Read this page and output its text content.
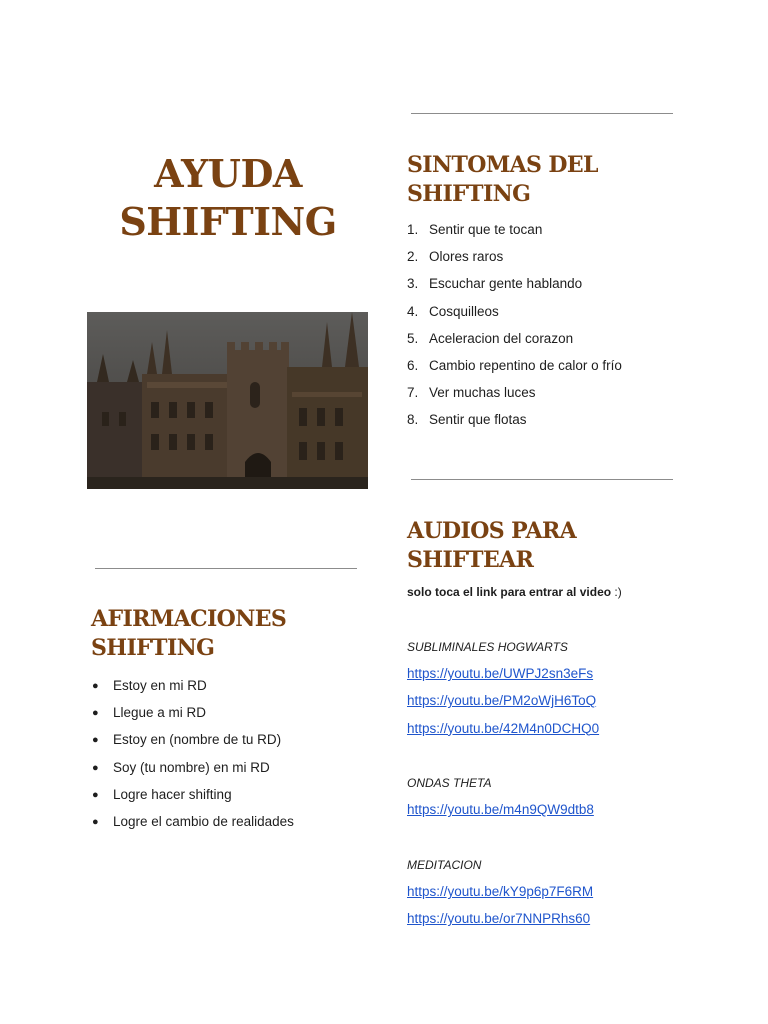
AYUDA
SHIFTING
SINTOMAS DEL
SHIFTING
1. Sentir que te tocan
2. Olores raros
3. Escuchar gente hablando
4. Cosquilleos
5. Aceleracion del corazon
6. Cambio repentino de calor o frío
7. Ver muchas luces
8. Sentir que flotas
AFIRMACIONES
SHIFTING
● Estoy en mi RD
● Llegue a mi RD
● Estoy en (nombre de tu RD)
● Soy (tu nombre) en mi RD
● Logre hacer shifting
● Logre el cambio de realidades
AUDIOS PARA
SHIFTEAR

solo toca el link para entrar al video :)

SUBLIMINALES HOGWARTS

https://youtu.be/UWPJ2sn3eFs
https://youtu.be/PM2oWjH6ToQ
https://youtu.be/42M4n0DCHQ0

ONDAS THETA

https://youtu.be/m4n9QW9dtb8

MEDITACION

https://youtu.be/kY9p6p7F6RM
https://youtu.be/or7NNPRhs60
